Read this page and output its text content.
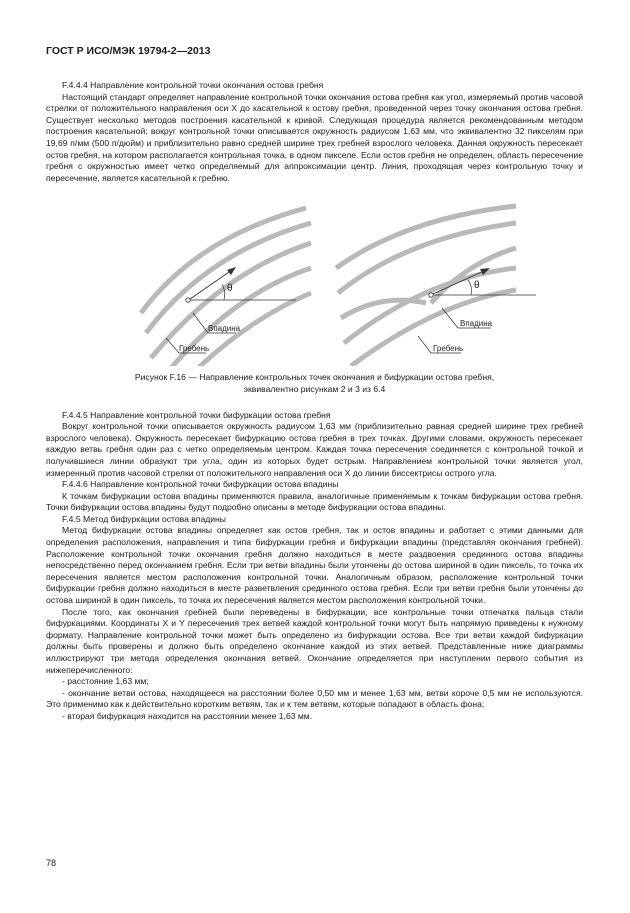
ГОСТ Р ИСО/МЭК 19794-2—2013

F.4.4.4 Направление контрольной точки окончания остова гребня

Настоящий стандарт определяет направление контрольной точки окончания остова гребня как угол, измеряемый против часовой стрелки от положительного направления оси X до касательной к остову гребня, проведенной через точку окончания остова гребня. Существует несколько методов построения касательной к кривой. Следующая процедура является рекомендованным методом построения касательной: вокруг контрольной точки описывается окружность радиусом 1,63 мм, что эквивалентно 32 пикселям при 19,69 п/мм (500 п/дюйм) и приблизительно равно средней ширине трех гребней взрослого человека. Данная окружность пересекает остов гребня, на котором располагается контрольная точка, в одном пикселе. Если остов гребня не определен, область пересечение гребня с окружностью имеет четко определяемый для аппроксимации центр. Линия, проходящая через контрольную точку и пересечение, является касательной к гребню.

θ
Впадина
Гребень
θ
Впадина
Гребень
Рисунок F.16 — Направление контрольных точек окончания и бифуркации остова гребня,
эквивалентно рисункам 2 и 3 из 6.4

F.4.4.5 Направление контрольной точки бифуркации остова гребня

Вокруг контрольной точки описывается окружность радиусом 1,63 мм (приблизительно равная средней ширине трех гребней взрослого человека). Окружность пересекает бифуркацию остова гребня в трех точках. Другими словами, окружность пересекает каждую ветвь гребня один раз с четко определяемым центром. Каждая точка пересечения соединяется с контрольной точкой и получившиеся линии образуют три угла, один из которых будет острым. Направлением контрольной точки является угол, измеренный против часовой стрелки от положительного направления оси X до линии биссектрисы острого угла.

F.4.4.6 Направление контрольной точки бифуркации остова впадины

К точкам бифуркации остова впадины применяются правила, аналогичные применяемым к точкам бифуркации остова гребня. Точки бифуркации остова впадины будут подробно описаны в методе бифуркации остова впадины.

F.4.5 Метод бифуркации остова впадины

Метод бифуркации остова впадины определяет как остов гребня, так и остов впадины и работает с этими данными для определения расположения, направления и типа бифуркации гребня и бифуркации впадины (представляя окончания гребней). Расположение контрольной точки окончания гребня должно находиться в месте раздвоения срединного остова впадины непосредственно перед окончанием гребня. Если три ветви впадины были утончены до остова шириной в один пиксель, то точка их пересечения является местом расположения контрольной точки. Аналогичным образом, расположение контрольной точки бифуркации гребня должно находиться в месте разветвления срединного остова гребня. Если три ветви гребня были утончены до остова шириной в один пиксель, то точка их пересечения является местом расположения контрольной точки.

После того, как окончания гребней были переведены в бифуркации, все контрольные точки отпечатка пальца стали бифуркациями. Координаты X и Y пересечения трех ветвей каждой контрольной точки могут быть напрямую приведены к нужному формату. Направление контрольной точки может быть определено из бифуркации остова. Все три ветви каждой бифуркации должны быть проверены и должно быть определено окончание каждой из этих ветвей. Представленные ниже диаграммы иллюстрируют три метода определения окончания ветвей. Окончание определяется при наступлении первого события из нижеперечисленного:

- расстояние 1,63 мм;

- окончание ветви остова, находящееся на расстоянии более 0,50 мм и менее 1,63 мм, ветви короче 0,5 мм не используются. Это применимо как к действительно коротким ветвям, так и к тем ветвям, которые попадают в область фона;

- вторая бифуркация находится на расстоянии менее 1,63 мм.

78
